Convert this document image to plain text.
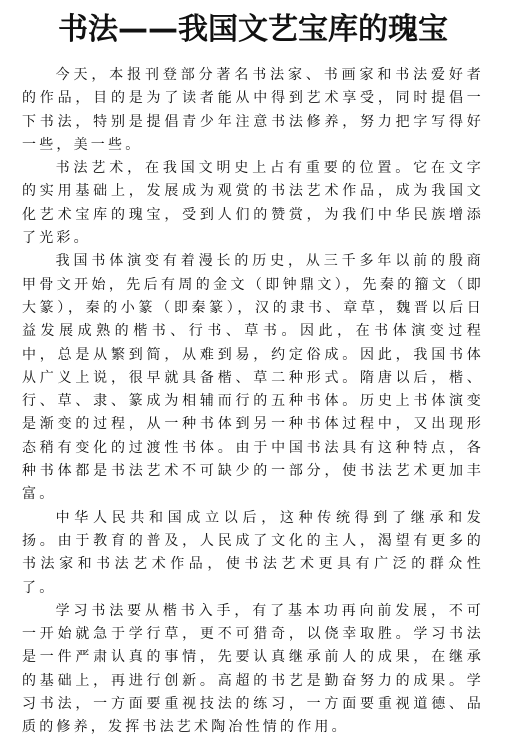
书法——我国文艺宝库的瑰宝

今天，本报刊登部分著名书法家、书画家和书法爱好者的作品，目的是为了读者能从中得到艺术享受，同时提倡一下书法，特别是提倡青少年注意书法修养，努力把字写得好一些，美一些。

书法艺术，在我国文明史上占有重要的位置。它在文字的实用基础上，发展成为观赏的书法艺术作品，成为我国文化艺术宝库的瑰宝，受到人们的赞赏，为我们中华民族增添了光彩。

我国书体演变有着漫长的历史，从三千多年以前的殷商甲骨文开始，先后有周的金文（即钟鼎文），先秦的籀文（即大篆），秦的小篆（即秦篆），汉的隶书、章草，魏晋以后日益发展成熟的楷书、行书、草书。因此，在书体演变过程中，总是从繁到简，从难到易，约定俗成。因此，我国书体从广义上说，很早就具备楷、草二种形式。隋唐以后，楷、行、草、隶、篆成为相辅而行的五种书体。历史上书体演变是渐变的过程，从一种书体到另一种书体过程中，又出现形态稍有变化的过渡性书体。由于中国书法具有这种特点，各种书体都是书法艺术不可缺少的一部分，使书法艺术更加丰富。

中华人民共和国成立以后，这种传统得到了继承和发扬。由于教育的普及，人民成了文化的主人，渴望有更多的书法家和书法艺术作品，使书法艺术更具有广泛的群众性了。

学习书法要从楷书入手，有了基本功再向前发展，不可一开始就急于学行草，更不可猎奇，以侥幸取胜。学习书法是一件严肃认真的事情，先要认真继承前人的成果，在继承的基础上，再进行创新。高超的书艺是勤奋努力的成果。学习书法，一方面要重视技法的练习，一方面要重视道德、品质的修养，发挥书法艺术陶冶性情的作用。
